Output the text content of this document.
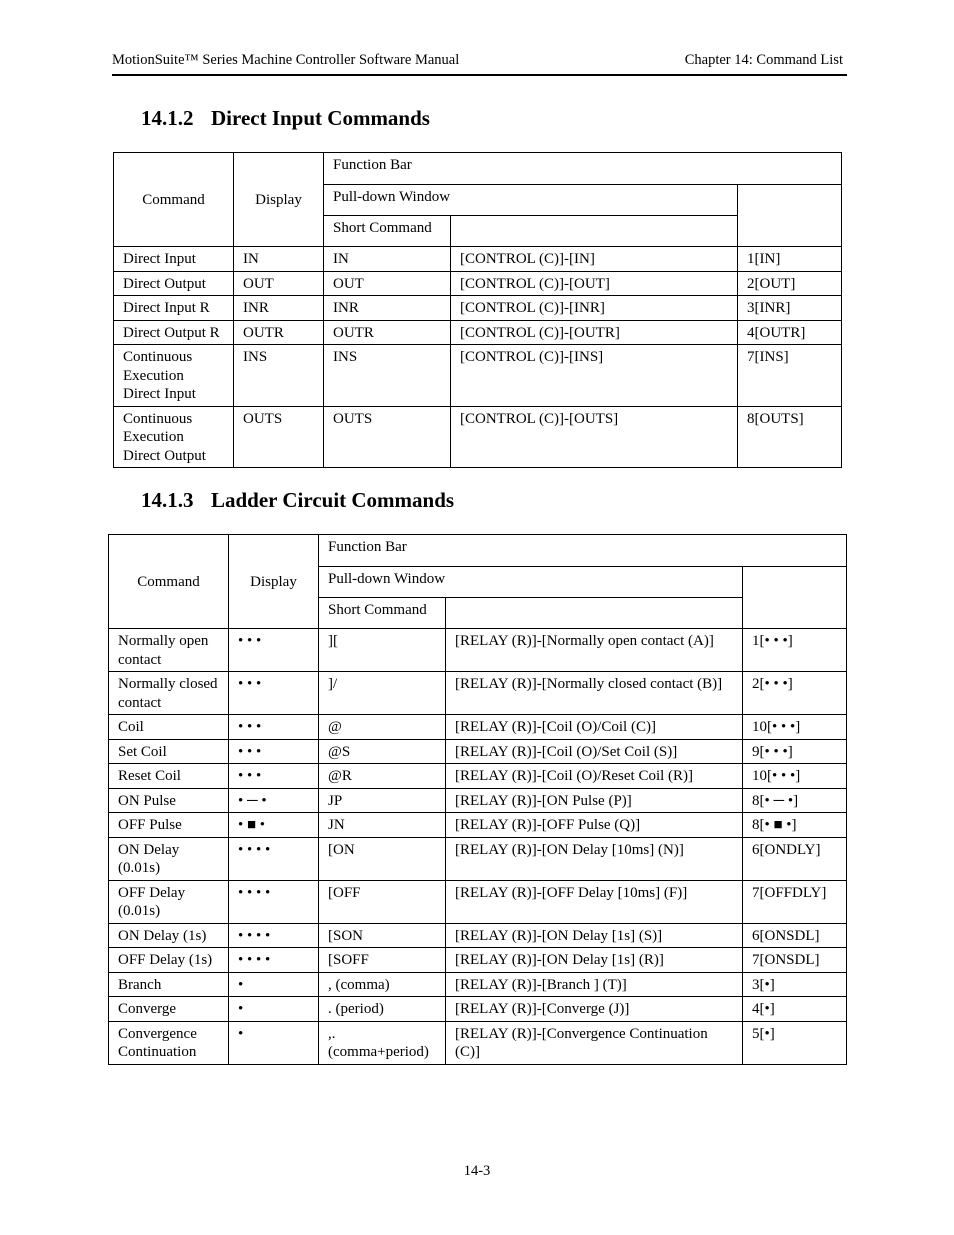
MotionSuite™ Series Machine Controller Software Manual	Chapter 14: Command List
14.1.2 Direct Input Commands
Command	Display	Function Bar		
		Pull-down Window		
		Short Command		
Direct Input	IN	IN	[CONTROL (C)]-[IN]	1[IN]
Direct Output	OUT	OUT	[CONTROL (C)]-[OUT]	2[OUT]
Direct Input R	INR	INR	[CONTROL (C)]-[INR]	3[INR]
Direct Output R	OUTR	OUTR	[CONTROL (C)]-[OUTR]	4[OUTR]
Continuous Execution Direct Input	INS	INS	[CONTROL (C)]-[INS]	7[INS]
Continuous Execution Direct Output	OUTS	OUTS	[CONTROL (C)]-[OUTS]	8[OUTS]
14.1.3 Ladder Circuit Commands
Command	Display	Function Bar		
		Pull-down Window		
		Short Command		
Normally open contact	• • •	][	[RELAY (R)]-[Normally open contact (A)]	1[• • •]
Normally closed contact	• • •	]/	[RELAY (R)]-[Normally closed contact (B)]	2[• • •]
Coil	• • •	@	[RELAY (R)]-[Coil (O)/Coil (C)]	10[• • •]
Set Coil	• • •	@S	[RELAY (R)]-[Coil (O)/Set Coil (S)]	9[• • •]
Reset Coil	• • •	@R	[RELAY (R)]-[Coil (O)/Reset Coil (R)]	10[• • •]
ON Pulse	• ─ •	JP	[RELAY (R)]-[ON Pulse (P)]	8[• ─ •]
OFF Pulse	• ■ •	JN	[RELAY (R)]-[OFF Pulse (Q)]	8[• ■ •]
ON Delay (0.01s)	• • • •	[ON	[RELAY (R)]-[ON Delay [10ms] (N)]	6[ONDLY]
OFF Delay (0.01s)	• • • •	[OFF	[RELAY (R)]-[OFF Delay [10ms] (F)]	7[OFFDLY]
ON Delay (1s)	• • • •	[SON	[RELAY (R)]-[ON Delay [1s] (S)]	6[ONSDL]
OFF Delay (1s)	• • • •	[SOFF	[RELAY (R)]-[ON Delay [1s] (R)]	7[ONSDL]
Branch	•	, (comma)	[RELAY (R)]-[Branch ] (T)]	3[•]
Converge	•	. (period)	[RELAY (R)]-[Converge (J)]	4[•]
Convergence Continuation	•	,. (comma+period)	[RELAY (R)]-[Convergence Continuation (C)]	5[•]
14-3
